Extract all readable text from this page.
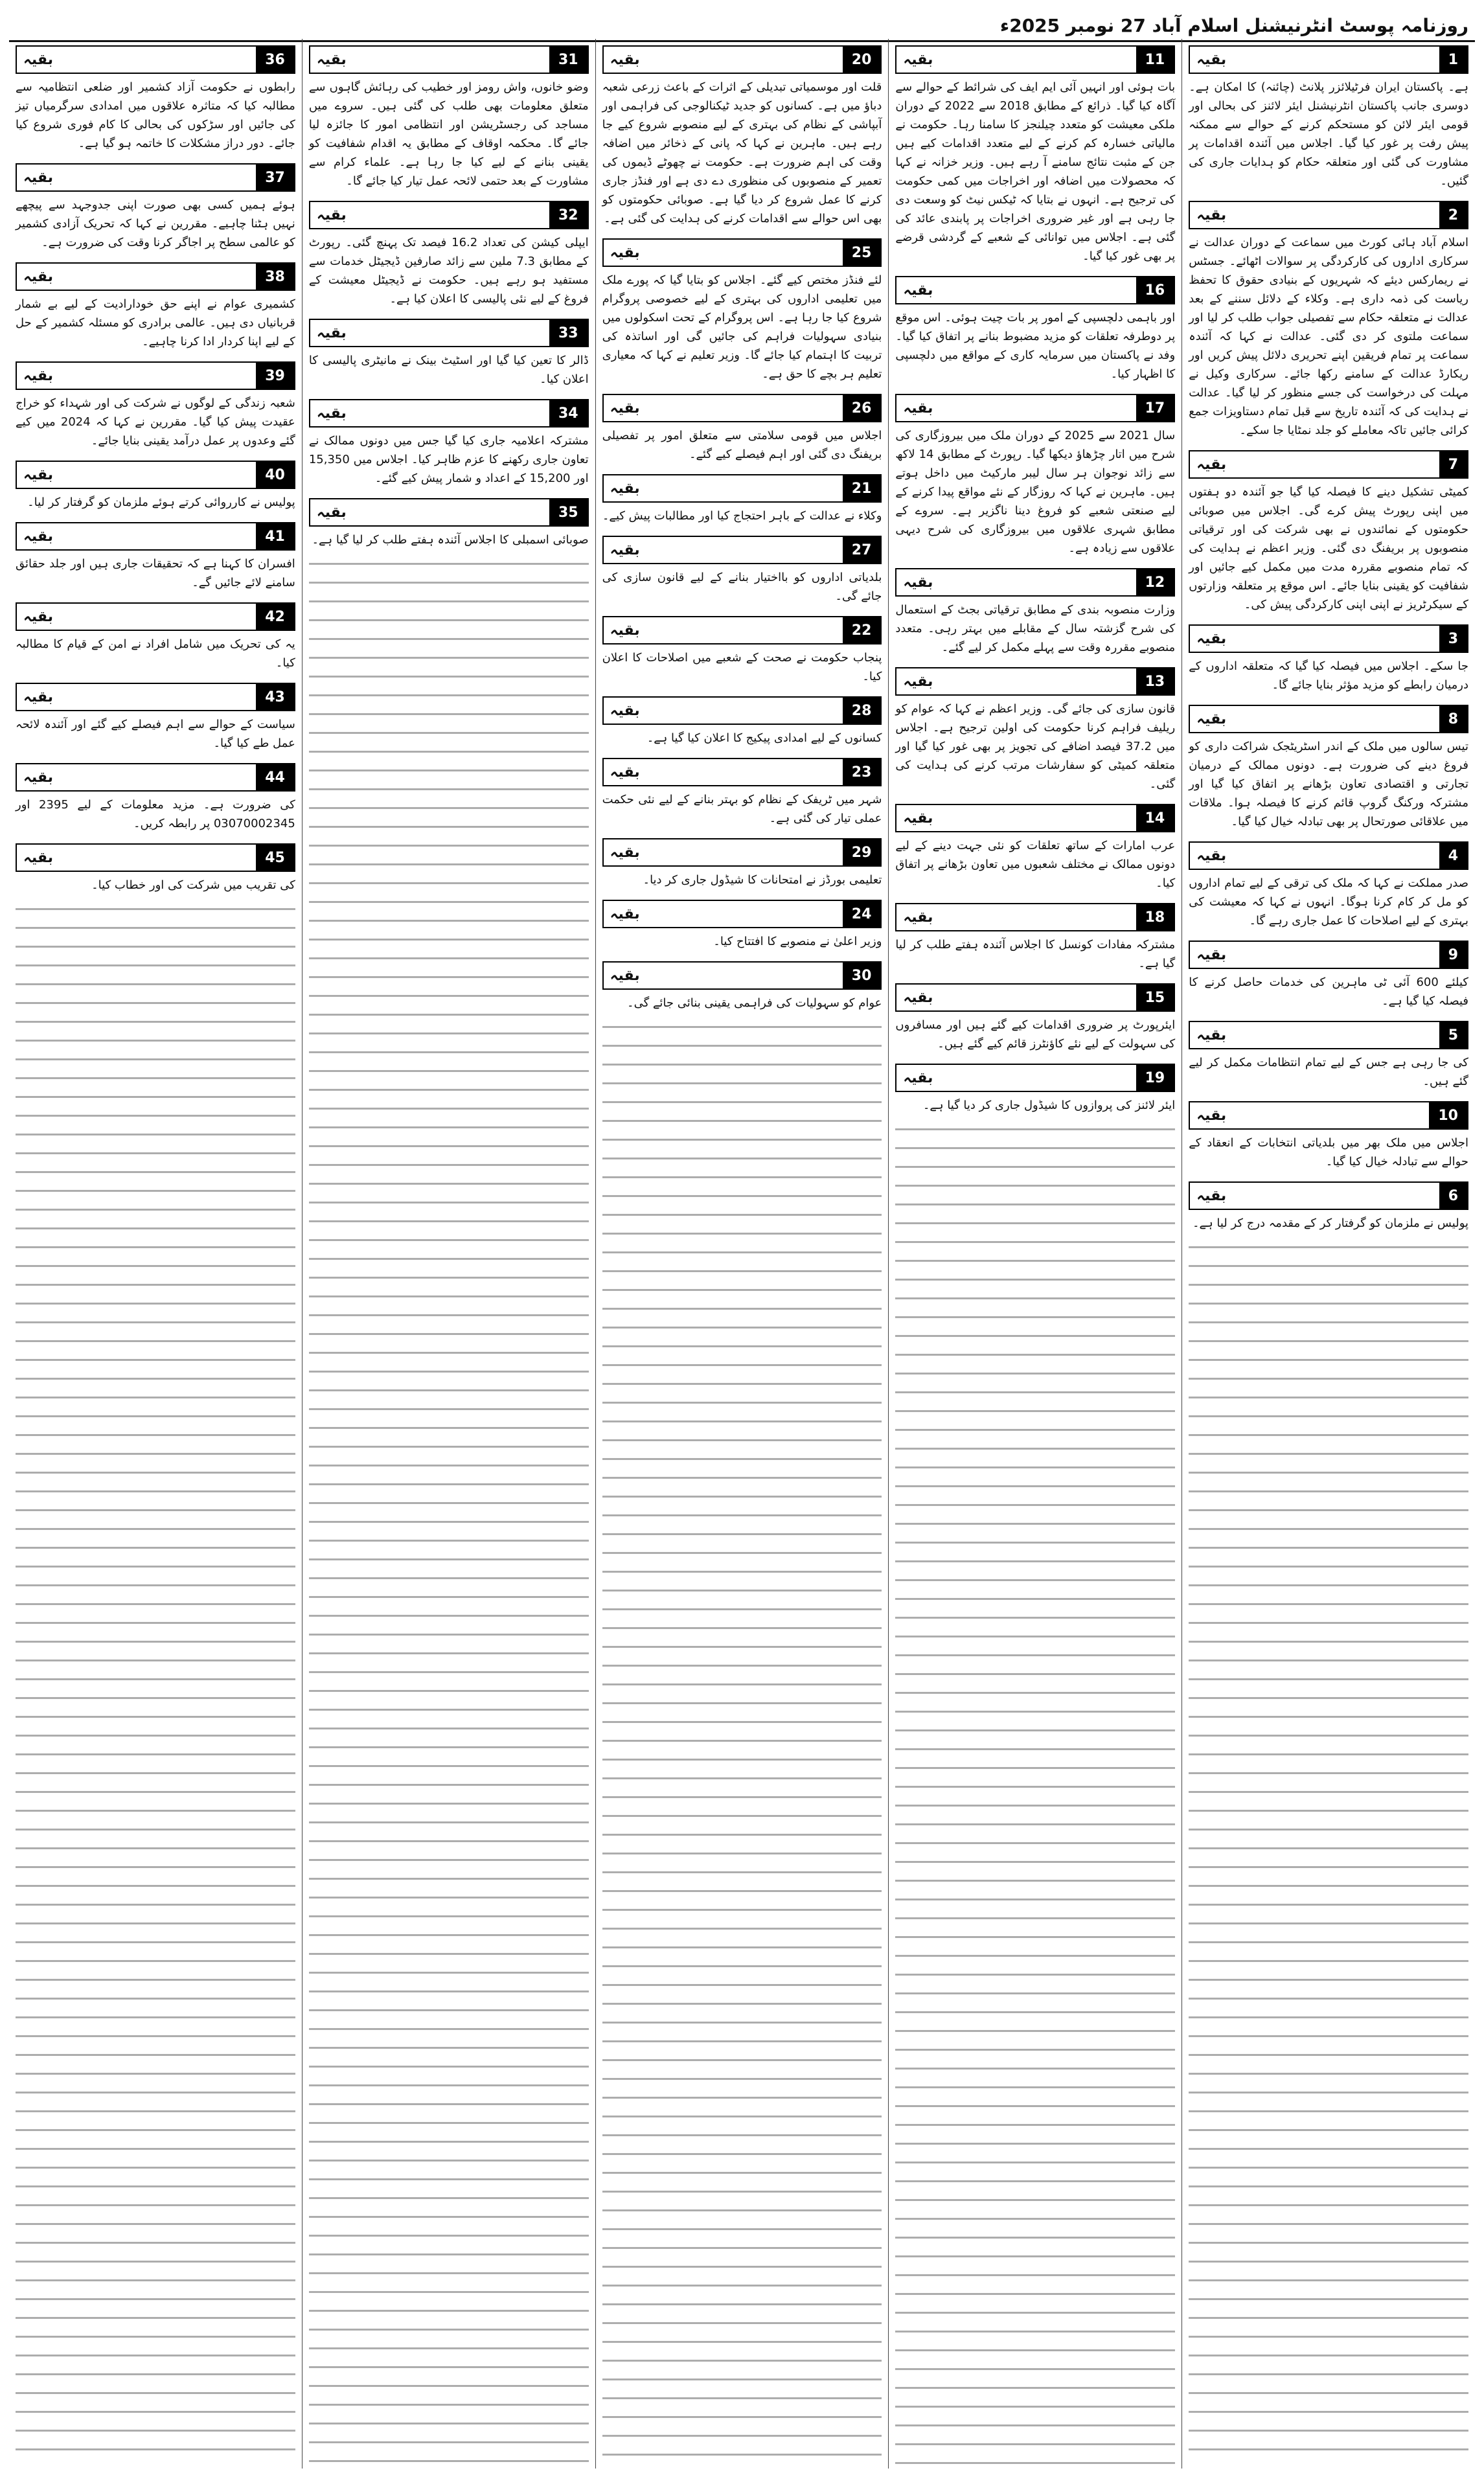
روزنامہ پوسٹ انٹرنیشنل اسلام آباد 27 نومبر 2025ء
1
بقیہ
ہے۔ پاکستان ایران فرٹیلائزر پلانٹ (چائنہ) کا امکان ہے۔ دوسری جانب پاکستان انٹرنیشنل ایئر لائنز کی بحالی اور قومی ایئر لائن کو مستحکم کرنے کے حوالے سے ممکنہ پیش رفت پر غور کیا گیا۔ اجلاس میں آئندہ اقدامات پر مشاورت کی گئی اور متعلقہ حکام کو ہدایات جاری کی گئیں۔
2
بقیہ
اسلام آباد ہائی کورٹ میں سماعت کے دوران عدالت نے سرکاری اداروں کی کارکردگی پر سوالات اٹھائے۔ جسٹس نے ریمارکس دیئے کہ شہریوں کے بنیادی حقوق کا تحفظ ریاست کی ذمہ داری ہے۔ وکلاء کے دلائل سننے کے بعد عدالت نے متعلقہ حکام سے تفصیلی جواب طلب کر لیا اور سماعت ملتوی کر دی گئی۔ عدالت نے کہا کہ آئندہ سماعت پر تمام فریقین اپنے تحریری دلائل پیش کریں اور ریکارڈ عدالت کے سامنے رکھا جائے۔ سرکاری وکیل نے مہلت کی درخواست کی جسے منظور کر لیا گیا۔ عدالت نے ہدایت کی کہ آئندہ تاریخ سے قبل تمام دستاویزات جمع کرائی جائیں تاکہ معاملے کو جلد نمٹایا جا سکے۔
7
بقیہ
کمیٹی تشکیل دینے کا فیصلہ کیا گیا جو آئندہ دو ہفتوں میں اپنی رپورٹ پیش کرے گی۔ اجلاس میں صوبائی حکومتوں کے نمائندوں نے بھی شرکت کی اور ترقیاتی منصوبوں پر بریفنگ دی گئی۔ وزیر اعظم نے ہدایت کی کہ تمام منصوبے مقررہ مدت میں مکمل کیے جائیں اور شفافیت کو یقینی بنایا جائے۔ اس موقع پر متعلقہ وزارتوں کے سیکرٹریز نے اپنی اپنی کارکردگی پیش کی۔
3
بقیہ
جا سکے۔ اجلاس میں فیصلہ کیا گیا کہ متعلقہ اداروں کے درمیان رابطے کو مزید مؤثر بنایا جائے گا۔
8
بقیہ
تیس سالوں میں ملک کے اندر اسٹریٹجک شراکت داری کو فروغ دینے کی ضرورت ہے۔ دونوں ممالک کے درمیان تجارتی و اقتصادی تعاون بڑھانے پر اتفاق کیا گیا اور مشترکہ ورکنگ گروپ قائم کرنے کا فیصلہ ہوا۔ ملاقات میں علاقائی صورتحال پر بھی تبادلہ خیال کیا گیا۔
4
بقیہ
صدر مملکت نے کہا کہ ملک کی ترقی کے لیے تمام اداروں کو مل کر کام کرنا ہوگا۔ انہوں نے کہا کہ معیشت کی بہتری کے لیے اصلاحات کا عمل جاری رہے گا۔
9
بقیہ
کیلئے 600 آئی ٹی ماہرین کی خدمات حاصل کرنے کا فیصلہ کیا گیا ہے۔
5
بقیہ
کی جا رہی ہے جس کے لیے تمام انتظامات مکمل کر لیے گئے ہیں۔
10
بقیہ
اجلاس میں ملک بھر میں بلدیاتی انتخابات کے انعقاد کے حوالے سے تبادلہ خیال کیا گیا۔
6
بقیہ
پولیس نے ملزمان کو گرفتار کر کے مقدمہ درج کر لیا ہے۔
11
بقیہ
بات ہوئی اور انہیں آئی ایم ایف کی شرائط کے حوالے سے آگاہ کیا گیا۔ ذرائع کے مطابق 2018 سے 2022 کے دوران ملکی معیشت کو متعدد چیلنجز کا سامنا رہا۔ حکومت نے مالیاتی خسارہ کم کرنے کے لیے متعدد اقدامات کیے ہیں جن کے مثبت نتائج سامنے آ رہے ہیں۔ وزیر خزانہ نے کہا کہ محصولات میں اضافہ اور اخراجات میں کمی حکومت کی ترجیح ہے۔ انہوں نے بتایا کہ ٹیکس نیٹ کو وسعت دی جا رہی ہے اور غیر ضروری اخراجات پر پابندی عائد کی گئی ہے۔ اجلاس میں توانائی کے شعبے کے گردشی قرضے پر بھی غور کیا گیا۔
16
بقیہ
اور باہمی دلچسپی کے امور پر بات چیت ہوئی۔ اس موقع پر دوطرفہ تعلقات کو مزید مضبوط بنانے پر اتفاق کیا گیا۔ وفد نے پاکستان میں سرمایہ کاری کے مواقع میں دلچسپی کا اظہار کیا۔
17
بقیہ
سال 2021 سے 2025 کے دوران ملک میں بیروزگاری کی شرح میں اتار چڑھاؤ دیکھا گیا۔ رپورٹ کے مطابق 14 لاکھ سے زائد نوجوان ہر سال لیبر مارکیٹ میں داخل ہوتے ہیں۔ ماہرین نے کہا کہ روزگار کے نئے مواقع پیدا کرنے کے لیے صنعتی شعبے کو فروغ دینا ناگزیر ہے۔ سروے کے مطابق شہری علاقوں میں بیروزگاری کی شرح دیہی علاقوں سے زیادہ ہے۔
12
بقیہ
وزارت منصوبہ بندی کے مطابق ترقیاتی بجٹ کے استعمال کی شرح گزشتہ سال کے مقابلے میں بہتر رہی۔ متعدد منصوبے مقررہ وقت سے پہلے مکمل کر لیے گئے۔
13
بقیہ
قانون سازی کی جائے گی۔ وزیر اعظم نے کہا کہ عوام کو ریلیف فراہم کرنا حکومت کی اولین ترجیح ہے۔ اجلاس میں 37.2 فیصد اضافے کی تجویز پر بھی غور کیا گیا اور متعلقہ کمیٹی کو سفارشات مرتب کرنے کی ہدایت کی گئی۔
14
بقیہ
عرب امارات کے ساتھ تعلقات کو نئی جہت دینے کے لیے دونوں ممالک نے مختلف شعبوں میں تعاون بڑھانے پر اتفاق کیا۔
18
بقیہ
مشترکہ مفادات کونسل کا اجلاس آئندہ ہفتے طلب کر لیا گیا ہے۔
15
بقیہ
ایئرپورٹ پر ضروری اقدامات کیے گئے ہیں اور مسافروں کی سہولت کے لیے نئے کاؤنٹرز قائم کیے گئے ہیں۔
19
بقیہ
ایئر لائنز کی پروازوں کا شیڈول جاری کر دیا گیا ہے۔
20
بقیہ
قلت اور موسمیاتی تبدیلی کے اثرات کے باعث زرعی شعبہ دباؤ میں ہے۔ کسانوں کو جدید ٹیکنالوجی کی فراہمی اور آبپاشی کے نظام کی بہتری کے لیے منصوبے شروع کیے جا رہے ہیں۔ ماہرین نے کہا کہ پانی کے ذخائر میں اضافہ وقت کی اہم ضرورت ہے۔ حکومت نے چھوٹے ڈیموں کی تعمیر کے منصوبوں کی منظوری دے دی ہے اور فنڈز جاری کرنے کا عمل شروع کر دیا گیا ہے۔ صوبائی حکومتوں کو بھی اس حوالے سے اقدامات کرنے کی ہدایت کی گئی ہے۔
25
بقیہ
لئے فنڈز مختص کیے گئے۔ اجلاس کو بتایا گیا کہ پورے ملک میں تعلیمی اداروں کی بہتری کے لیے خصوصی پروگرام شروع کیا جا رہا ہے۔ اس پروگرام کے تحت اسکولوں میں بنیادی سہولیات فراہم کی جائیں گی اور اساتذہ کی تربیت کا اہتمام کیا جائے گا۔ وزیر تعلیم نے کہا کہ معیاری تعلیم ہر بچے کا حق ہے۔
26
بقیہ
اجلاس میں قومی سلامتی سے متعلق امور پر تفصیلی بریفنگ دی گئی اور اہم فیصلے کیے گئے۔
21
بقیہ
وکلاء نے عدالت کے باہر احتجاج کیا اور مطالبات پیش کیے۔
27
بقیہ
بلدیاتی اداروں کو بااختیار بنانے کے لیے قانون سازی کی جائے گی۔
22
بقیہ
پنجاب حکومت نے صحت کے شعبے میں اصلاحات کا اعلان کیا۔
28
بقیہ
کسانوں کے لیے امدادی پیکیج کا اعلان کیا گیا ہے۔
23
بقیہ
شہر میں ٹریفک کے نظام کو بہتر بنانے کے لیے نئی حکمت عملی تیار کی گئی ہے۔
29
بقیہ
تعلیمی بورڈز نے امتحانات کا شیڈول جاری کر دیا۔
24
بقیہ
وزیر اعلیٰ نے منصوبے کا افتتاح کیا۔
30
بقیہ
عوام کو سہولیات کی فراہمی یقینی بنائی جائے گی۔
31
بقیہ
وضو خانوں، واش رومز اور خطیب کی رہائش گاہوں سے متعلق معلومات بھی طلب کی گئی ہیں۔ سروے میں مساجد کی رجسٹریشن اور انتظامی امور کا جائزہ لیا جائے گا۔ محکمہ اوقاف کے مطابق یہ اقدام شفافیت کو یقینی بنانے کے لیے کیا جا رہا ہے۔ علماء کرام سے مشاورت کے بعد حتمی لائحہ عمل تیار کیا جائے گا۔
32
بقیہ
ایپلی کیشن کی تعداد 16.2 فیصد تک پہنچ گئی۔ رپورٹ کے مطابق 7.3 ملین سے زائد صارفین ڈیجیٹل خدمات سے مستفید ہو رہے ہیں۔ حکومت نے ڈیجیٹل معیشت کے فروغ کے لیے نئی پالیسی کا اعلان کیا ہے۔
33
بقیہ
ڈالر کا تعین کیا گیا اور اسٹیٹ بینک نے مانیٹری پالیسی کا اعلان کیا۔
34
بقیہ
مشترکہ اعلامیہ جاری کیا گیا جس میں دونوں ممالک نے تعاون جاری رکھنے کا عزم ظاہر کیا۔ اجلاس میں 15,350 اور 15,200 کے اعداد و شمار پیش کیے گئے۔
35
بقیہ
صوبائی اسمبلی کا اجلاس آئندہ ہفتے طلب کر لیا گیا ہے۔
36
بقیہ
رابطوں نے حکومت آزاد کشمیر اور ضلعی انتظامیہ سے مطالبہ کیا کہ متاثرہ علاقوں میں امدادی سرگرمیاں تیز کی جائیں اور سڑکوں کی بحالی کا کام فوری شروع کیا جائے۔ دور دراز مشکلات کا خاتمہ ہو گیا ہے۔
37
بقیہ
ہوئے ہمیں کسی بھی صورت اپنی جدوجہد سے پیچھے نہیں ہٹنا چاہیے۔ مقررین نے کہا کہ تحریک آزادی کشمیر کو عالمی سطح پر اجاگر کرنا وقت کی ضرورت ہے۔
38
بقیہ
کشمیری عوام نے اپنے حق خودارادیت کے لیے بے شمار قربانیاں دی ہیں۔ عالمی برادری کو مسئلہ کشمیر کے حل کے لیے اپنا کردار ادا کرنا چاہیے۔
39
بقیہ
شعبہ زندگی کے لوگوں نے شرکت کی اور شہداء کو خراج عقیدت پیش کیا گیا۔ مقررین نے کہا کہ 2024 میں کیے گئے وعدوں پر عمل درآمد یقینی بنایا جائے۔
40
بقیہ
پولیس نے کارروائی کرتے ہوئے ملزمان کو گرفتار کر لیا۔
41
بقیہ
افسران کا کہنا ہے کہ تحقیقات جاری ہیں اور جلد حقائق سامنے لائے جائیں گے۔
42
بقیہ
یہ کی تحریک میں شامل افراد نے امن کے قیام کا مطالبہ کیا۔
43
بقیہ
سیاست کے حوالے سے اہم فیصلے کیے گئے اور آئندہ لائحہ عمل طے کیا گیا۔
44
بقیہ
کی ضرورت ہے۔ مزید معلومات کے لیے 2395 اور 03070002345 پر رابطہ کریں۔
45
بقیہ
کی تقریب میں شرکت کی اور خطاب کیا۔
